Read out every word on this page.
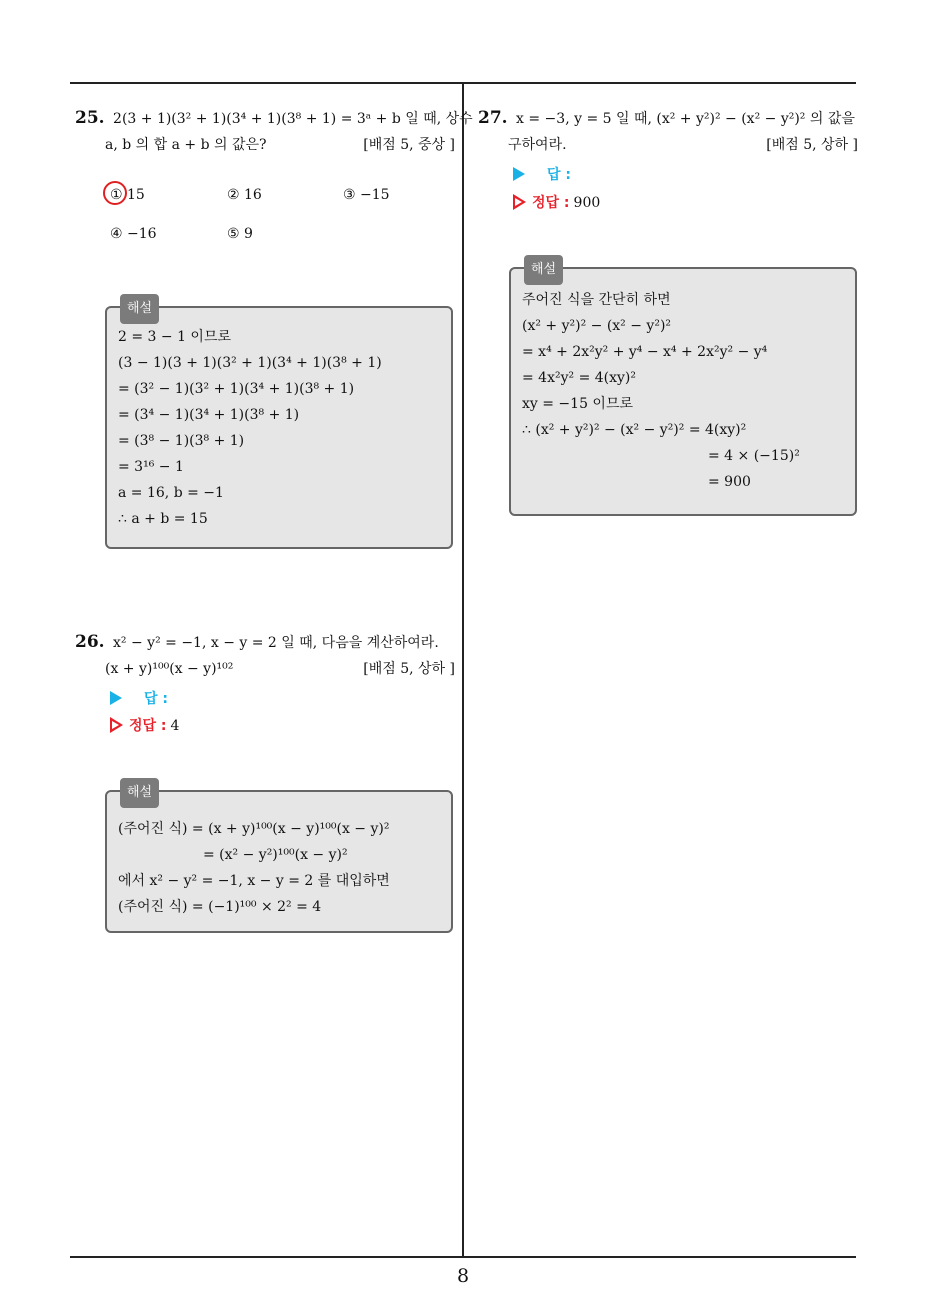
25. 2(3 + 1)(3² + 1)(3⁴ + 1)(3⁸ + 1) = 3ᵃ + b 일 때, 상수
a, b 의 합 a + b 의 값은?	[배점 5, 중상 ]
① 15	② 16	③ −15
④ −16	⑤ 9
해설
2 = 3 − 1 이므로
(3 − 1)(3 + 1)(3² + 1)(3⁴ + 1)(3⁸ + 1)
= (3² − 1)(3² + 1)(3⁴ + 1)(3⁸ + 1)
= (3⁴ − 1)(3⁴ + 1)(3⁸ + 1)
= (3⁸ − 1)(3⁸ + 1)
= 3¹⁶ − 1
a = 16, b = −1
∴ a + b = 15
26. x² − y² = −1, x − y = 2 일 때, 다음을 계산하여라.
(x + y)¹⁰⁰(x − y)¹⁰²	[배점 5, 상하 ]
답 :
정답 : 4
해설
(주어진 식) = (x + y)¹⁰⁰(x − y)¹⁰⁰(x − y)²
= (x² − y²)¹⁰⁰(x − y)²
에서 x² − y² = −1, x − y = 2 를 대입하면
(주어진 식) = (−1)¹⁰⁰ × 2² = 4
27. x = −3, y = 5 일 때, (x² + y²)² − (x² − y²)² 의 값을
구하여라.	[배점 5, 상하 ]
답 :
정답 : 900
해설
주어진 식을 간단히 하면
(x² + y²)² − (x² − y²)²
= x⁴ + 2x²y² + y⁴ − x⁴ + 2x²y² − y⁴
= 4x²y² = 4(xy)²
xy = −15 이므로
∴ (x² + y²)² − (x² − y²)² = 4(xy)²
= 4 × (−15)²
= 900
8
